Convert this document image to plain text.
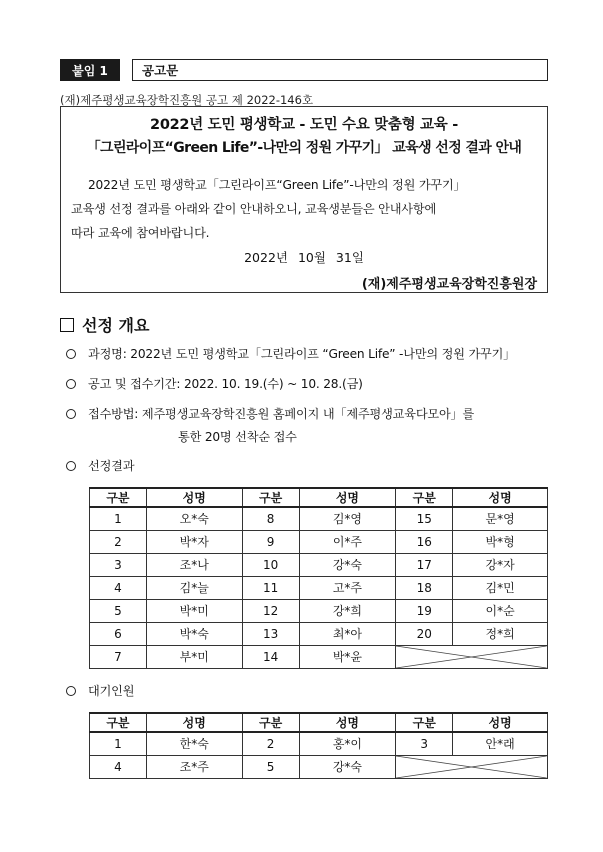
붙임 1	공고문
(재)제주평생교육장학진흥원 공고 제 2022-146호
2022년 도민 평생학교 - 도민 수요 맞춤형 교육 -
「그린라이프“Green Life”-나만의 정원 가꾸기」 교육생 선정 결과 안내
2022년 도민 평생학교「그린라이프“Green Life”-나만의 정원 가꾸기」
교육생 선정 결과를 아래와 같이 안내하오니, 교육생분들은 안내사항에
따라 교육에 참여바랍니다.
2022년 10월 31일
(재)제주평생교육장학진흥원장
선정 개요
과정명: 2022년 도민 평생학교「그린라이프 “Green Life” -나만의 정원 가꾸기」
공고 및 접수기간: 2022. 10. 19.(수) ~ 10. 28.(금)
접수방법: 제주평생교육장학진흥원 홈페이지 내「제주평생교육다모아」를
통한 20명 선착순 접수
선정결과
구분	성명	구분	성명	구분	성명
1	오*숙	8	김*영	15	문*영
2	박*자	9	이*주	16	박*형
3	조*나	10	강*숙	17	강*자
4	김*늘	11	고*주	18	김*민
5	박*미	12	강*희	19	이*순
6	박*숙	13	최*아	20	정*희
7	부*미	14	박*윤	
대기인원
구분	성명	구분	성명	구분	성명
1	한*숙	2	홍*이	3	안*래
4	조*주	5	강*숙	
